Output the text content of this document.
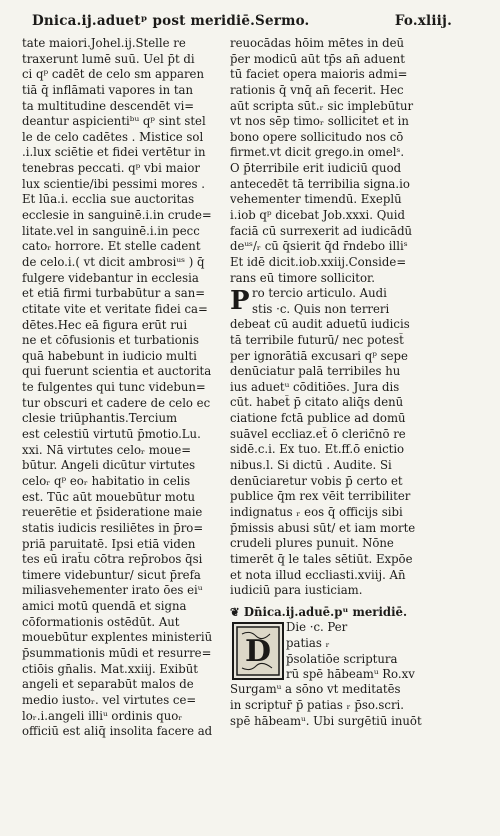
Dnica.ij.aduetᵖ post meridiē.Sermo.	Fo.xliij.
tate maiori.Johel.ij.Stelle re
traxerunt lumē suū. Uel p̄t di
ci qᵖ cadēt de celo sm apparen
tiā q̄ inflāmati vapores in tan
ta multitudine descendēt vi=
deantur aspicientiᵇᵘ qᵖ sint stel
le de celo cadētes . Mistice sol
.i.lux sciētie et fidei vertētur in
tenebras peccati. qᵖ vbi maior
lux scientie/ibi pessimi mores .
Et lūa.i. ecclia sue auctoritas
ecclesie in sanguinē.i.in crude=
litate.vel in sanguinē.i.in pecc
catoᵣ horrore. Et stelle cadent
de celo.i.( vt dicit ambrosiᵘˢ ) q̄
fulgere videbantur in ecclesia
et etiā firmi turbabūtur a san=
ctitate vite et veritate fidei ca=
dētes.Hec eā figura erūt rui
ne et cōfusionis et turbationis
quā habebunt in iudicio multi
qui fuerunt scientia et auctorita
te fulgentes qui tunc videbun=
tur obscuri et cadere de celo ec
clesie triūphantis.Tercium
est celestiū virtutū p̄motio.Lu.
xxi. Nā virtutes celoᵣ moue=
būtur. Angeli dicūtur virtutes
celoᵣ qᵖ eoᵣ habitatio in celis
est. Tūc aūt mouebūtur motu
reuerētie et p̄sideratione maie
statis iudicis resiliētes in p̄ro=
priā paruitatē. Ipsi etiā viden
tes eū irat̄u cōtra rep̄robos q̄si
timere videbuntur/ sicut p̄refa
miliasvehementer irato ōes eiᵘ
amici motū quendā et signa
cōformationis ostēdūt. Aut
mouebūtur explentes ministeriū
p̄summationis mūdi et resurre=
ctiōis gn̄alis. Mat.xxiij. Exibūt
angeli et separabūt malos de
medio iustoᵣ. vel virtutes ce=
loᵣ.i.angeli illiᵘ ordinis quoᵣ
officiū est aliq̄ insolita facere ad
reuocādas hōim mētes in deū
p̄er modicū aūt tp̄s an̄ aduent
tū faciet opera maioris admi=
rationis q̄ vnq̄ an̄ fecerit. Hec
aūt scripta sūt.ᵣ sic implebūtur
vt nos sēp timoᵣ sollicitet et in
bono opere sollicitudo nos cō
firmet.vt dicit grego.in omelˢ.
O p̄terribile erit iudiciū quod
antecedēt tā terribilia signa.io
vehementer timendū. Exeplū
i.iob qᵖ dicebat Job.xxxi. Quid
faciā cū surrexerit ad iudicādū
deᵘˢ/ᵣ cū q̄sierit q̄d r̄ndebo illiˢ
Et idē dicit.iob.xxiij.Conside=
rans eū timore sollicitor.
P ro tercio articulo. Audi
stis ·c. Quis non terreri
debeat cū audit aduetū iudicis
tā terribile futurū/ nec potest̄
per ignorātiā excusari qᵖ sepe
denūciatur palā terribiles hu
ius aduetᵘ cōditiōes. Jura dis
cūt. habet̄ p̄ citato aliq̄s denū
ciatione fctā publice ad domū
suāvel eccliaz.et̄ ō cleric̄nō re
sidē.c.i. Ex tuo. Et.ff.ō enictio
nibus.l. Si dictū . Audite. Si
denūciaretur vobis p̄ certo et
publice q̄m rex vēit terribiliter
indignatus ᵣ eos q̄ officijs sibi
p̄missis abusi sūt/ et iam morte
crudeli plures punuit. Nōne
timerēt q̄ le tales sētiūt. Expōe
et nota illud eccliasti.xviij. An̄
iudiciū para iusticiam.
❦ Dn̄ica.ij.aduē.pᵘ meridiē.
D
Die ·c. Per
patias ᵣ
p̄solatiōe scriptura
rū spē hābeamᵘ Ro.xv
Surgamᵘ a sōno vt meditatēs
in scriptur̄ p̄ patias ᵣ p̄so.scri.
spē hābeamᵘ. Ubi surgētiū inuōt
